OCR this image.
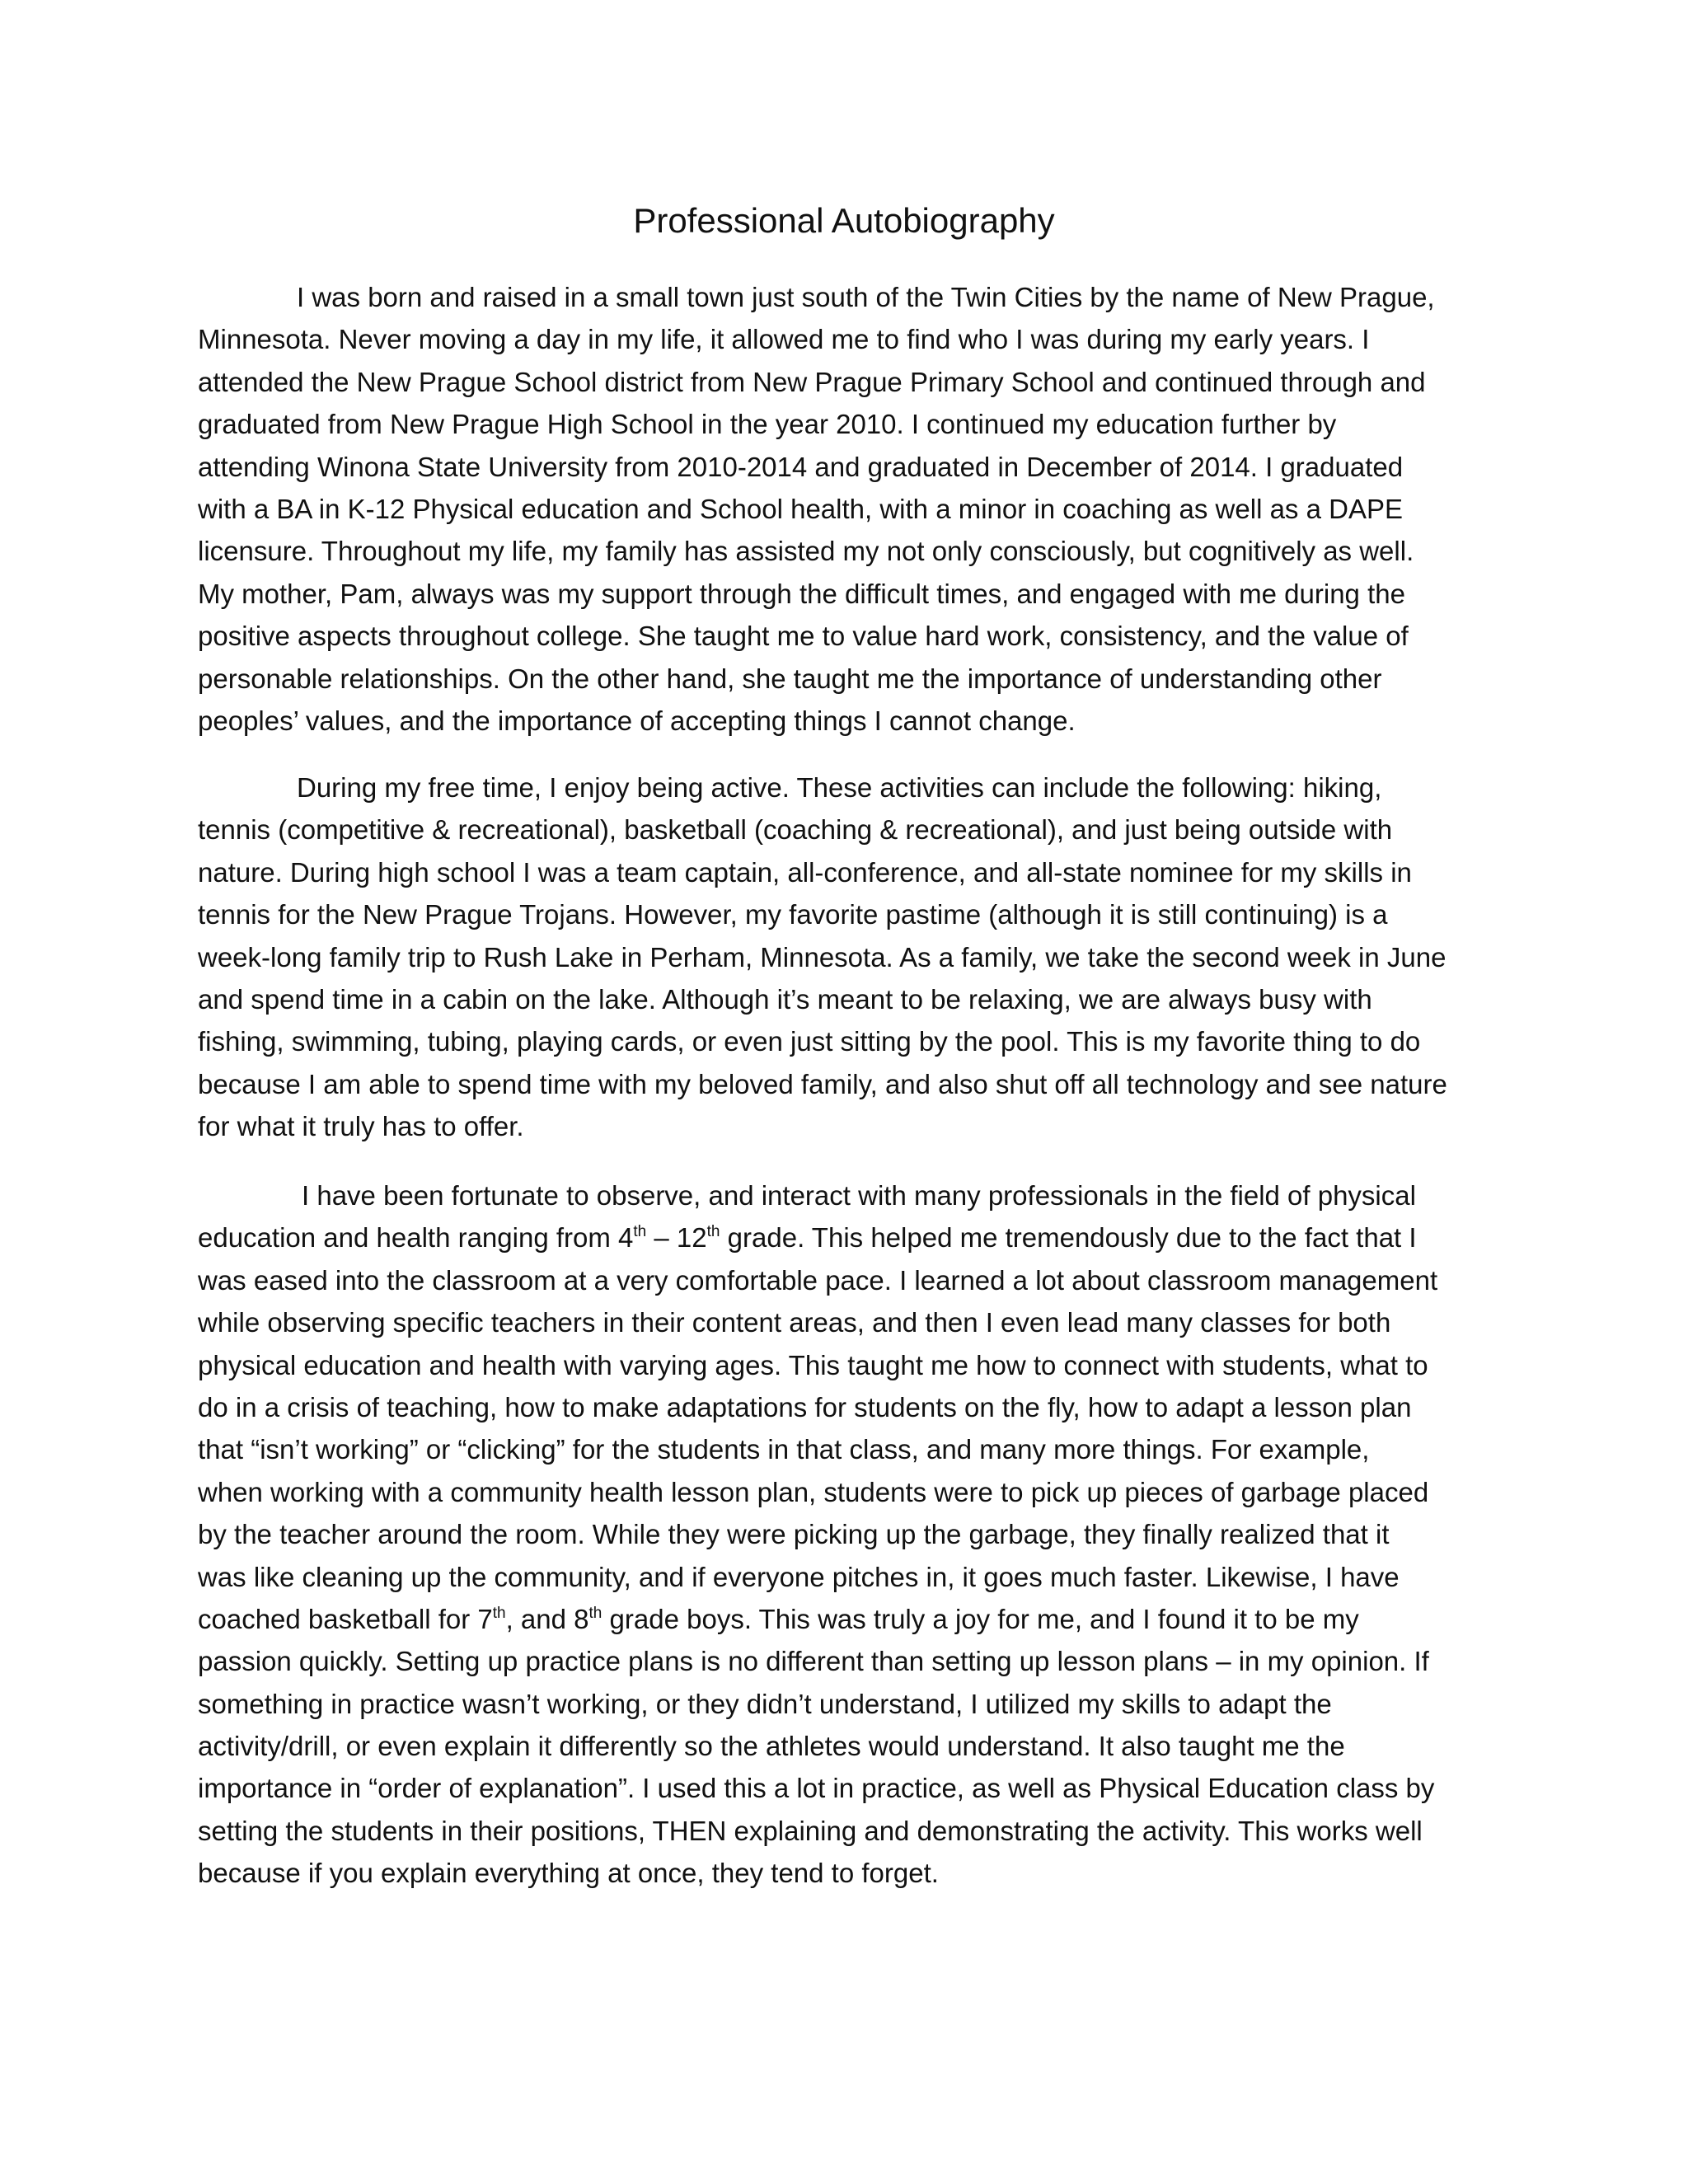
Professional Autobiography
I was born and raised in a small town just south of the Twin Cities by the name of New Prague,
Minnesota. Never moving a day in my life, it allowed me to find who I was during my early years. I
attended the New Prague School district from New Prague Primary School and continued through and
graduated from New Prague High School in the year 2010. I continued my education further by
attending Winona State University from 2010-2014 and graduated in December of 2014. I graduated
with a BA in K-12 Physical education and School health, with a minor in coaching as well as a DAPE
licensure. Throughout my life, my family has assisted my not only consciously, but cognitively as well.
My mother, Pam, always was my support through the difficult times, and engaged with me during the
positive aspects throughout college. She taught me to value hard work, consistency, and the value of
personable relationships. On the other hand, she taught me the importance of understanding other
peoples’ values, and the importance of accepting things I cannot change.
During my free time, I enjoy being active. These activities can include the following: hiking,
tennis (competitive & recreational), basketball (coaching & recreational), and just being outside with
nature. During high school I was a team captain, all-conference, and all-state nominee for my skills in
tennis for the New Prague Trojans. However, my favorite pastime (although it is still continuing) is a
week-long family trip to Rush Lake in Perham, Minnesota. As a family, we take the second week in June
and spend time in a cabin on the lake. Although it’s meant to be relaxing, we are always busy with
fishing, swimming, tubing, playing cards, or even just sitting by the pool. This is my favorite thing to do
because I am able to spend time with my beloved family, and also shut off all technology and see nature
for what it truly has to offer.
I have been fortunate to observe, and interact with many professionals in the field of physical
education and health ranging from 4th – 12th grade. This helped me tremendously due to the fact that I
was eased into the classroom at a very comfortable pace. I learned a lot about classroom management
while observing specific teachers in their content areas, and then I even lead many classes for both
physical education and health with varying ages. This taught me how to connect with students, what to
do in a crisis of teaching, how to make adaptations for students on the fly, how to adapt a lesson plan
that “isn’t working” or “clicking” for the students in that class, and many more things. For example,
when working with a community health lesson plan, students were to pick up pieces of garbage placed
by the teacher around the room. While they were picking up the garbage, they finally realized that it
was like cleaning up the community, and if everyone pitches in, it goes much faster. Likewise, I have
coached basketball for 7th, and 8th grade boys. This was truly a joy for me, and I found it to be my
passion quickly. Setting up practice plans is no different than setting up lesson plans – in my opinion. If
something in practice wasn’t working, or they didn’t understand, I utilized my skills to adapt the
activity/drill, or even explain it differently so the athletes would understand. It also taught me the
importance in “order of explanation”. I used this a lot in practice, as well as Physical Education class by
setting the students in their positions, THEN explaining and demonstrating the activity. This works well
because if you explain everything at once, they tend to forget.
